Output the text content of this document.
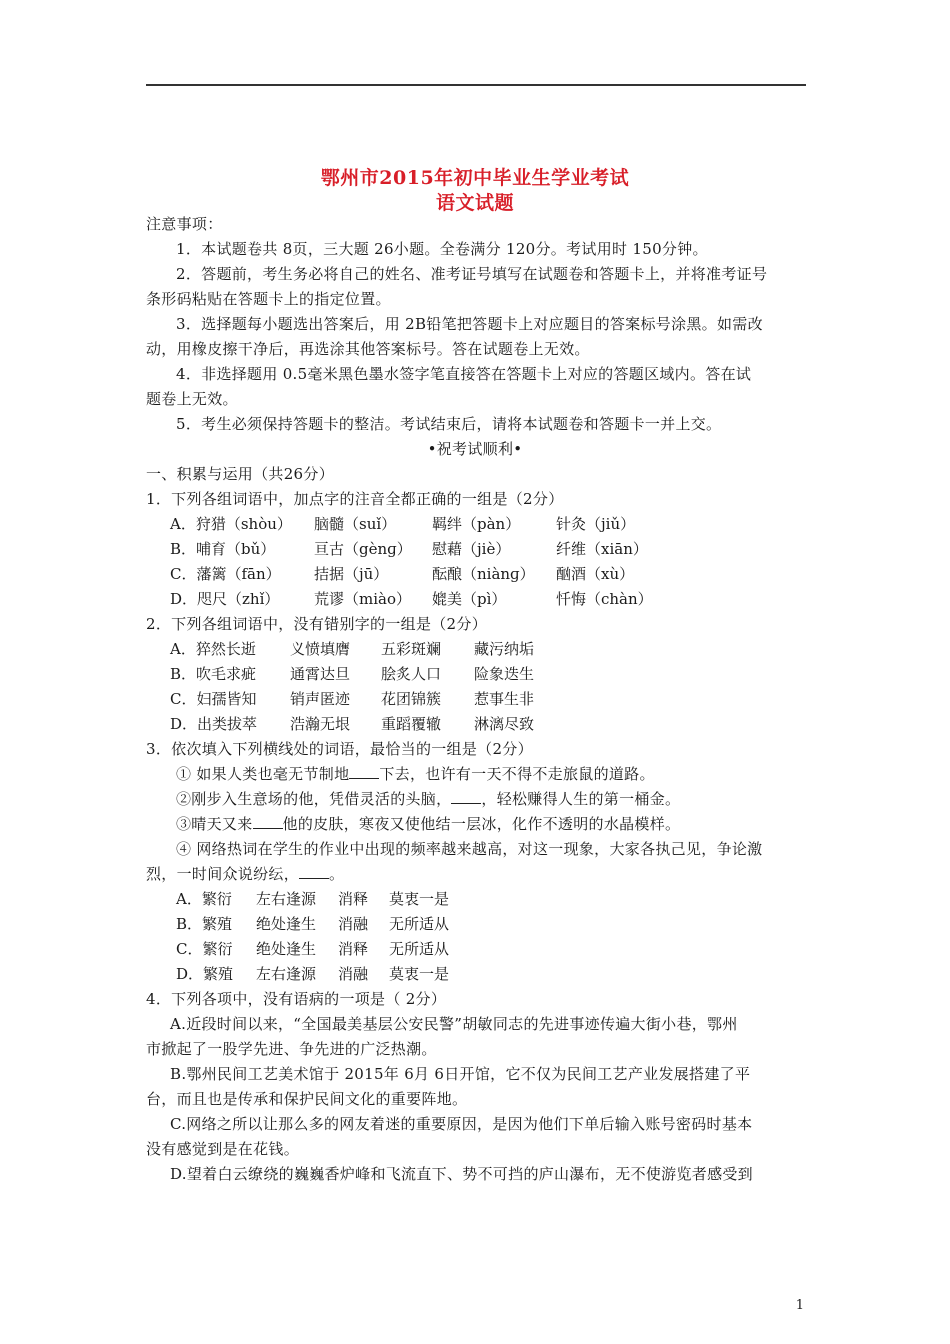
鄂州市2015年初中毕业生学业考试
语文试题
注意事项：
1．本试题卷共 8页，三大题 26小题。全卷满分 120分。考试用时 150分钟。
2．答题前，考生务必将自己的姓名、准考证号填写在试题卷和答题卡上，并将准考证号
条形码粘贴在答题卡上的指定位置。
3．选择题每小题选出答案后，用 2B铅笔把答题卡上对应题目的答案标号涂黑。如需改
动，用橡皮擦干净后，再选涂其他答案标号。答在试题卷上无效。
4．非选择题用 0.5毫米黑色墨水签字笔直接答在答题卡上对应的答题区域内。答在试
题卷上无效。
5．考生必须保持答题卡的整洁。考试结束后，请将本试题卷和答题卡一并上交。
•祝考试顺利•
一、积累与运用（共26分）
1．下列各组词语中，加点字的注音全都正确的一组是（2分）
A．狩猎（shòu） 脑髓（suǐ） 羁绊（pàn） 针灸（jiǔ）
B．哺育（bǔ）	亘古（gènɡ） 慰藉（jiè）	纤维（xiān）
C．藩篱（fān） 拮据（jū）	酝酿（niànɡ） 酗酒（xù）
D．咫尺（zhǐ） 荒谬（miào） 媲美（pì）	忏悔（chàn）
2．下列各组词语中，没有错别字的一组是（2分）
A．猝然长逝 义愤填膺 五彩斑斓 藏污纳垢
B．吹毛求疵 通霄达旦 脍炙人口 险象迭生
C．妇孺皆知 销声匿迹 花团锦簇 惹事生非
D．出类拔萃 浩瀚无垠 重蹈覆辙 淋漓尽致
3．依次填入下列横线处的词语，最恰当的一组是（2分）
① 如果人类也毫无节制地 下去，也许有一天不得不走旅鼠的道路。
②刚步入生意场的他，凭借灵活的头脑， ，轻松赚得人生的第一桶金。
③晴天又来 他的皮肤，寒夜又使他结一层冰，化作不透明的水晶模样。
④ 网络热词在学生的作业中出现的频率越来越高，对这一现象，大家各执己见，争论激
烈，一时间众说纷纭， 。
A．繁衍 左右逢源 消释 莫衷一是
B．繁殖 绝处逢生 消融 无所适从
C．繁衍 绝处逢生 消释 无所适从
D．繁殖 左右逢源 消融 莫衷一是
4．下列各项中，没有语病的一项是（ 2分）
A.近段时间以来，“全国最美基层公安民警”胡敏同志的先进事迹传遍大街小巷，鄂州
市掀起了一股学先进、争先进的广泛热潮。
B.鄂州民间工艺美术馆于 2015年 6月 6日开馆，它不仅为民间工艺产业发展搭建了平
台，而且也是传承和保护民间文化的重要阵地。
C.网络之所以让那么多的网友着迷的重要原因，是因为他们下单后输入账号密码时基本
没有感觉到是在花钱。
D.望着白云缭绕的巍巍香炉峰和飞流直下、势不可挡的庐山瀑布，无不使游览者感受到
1
